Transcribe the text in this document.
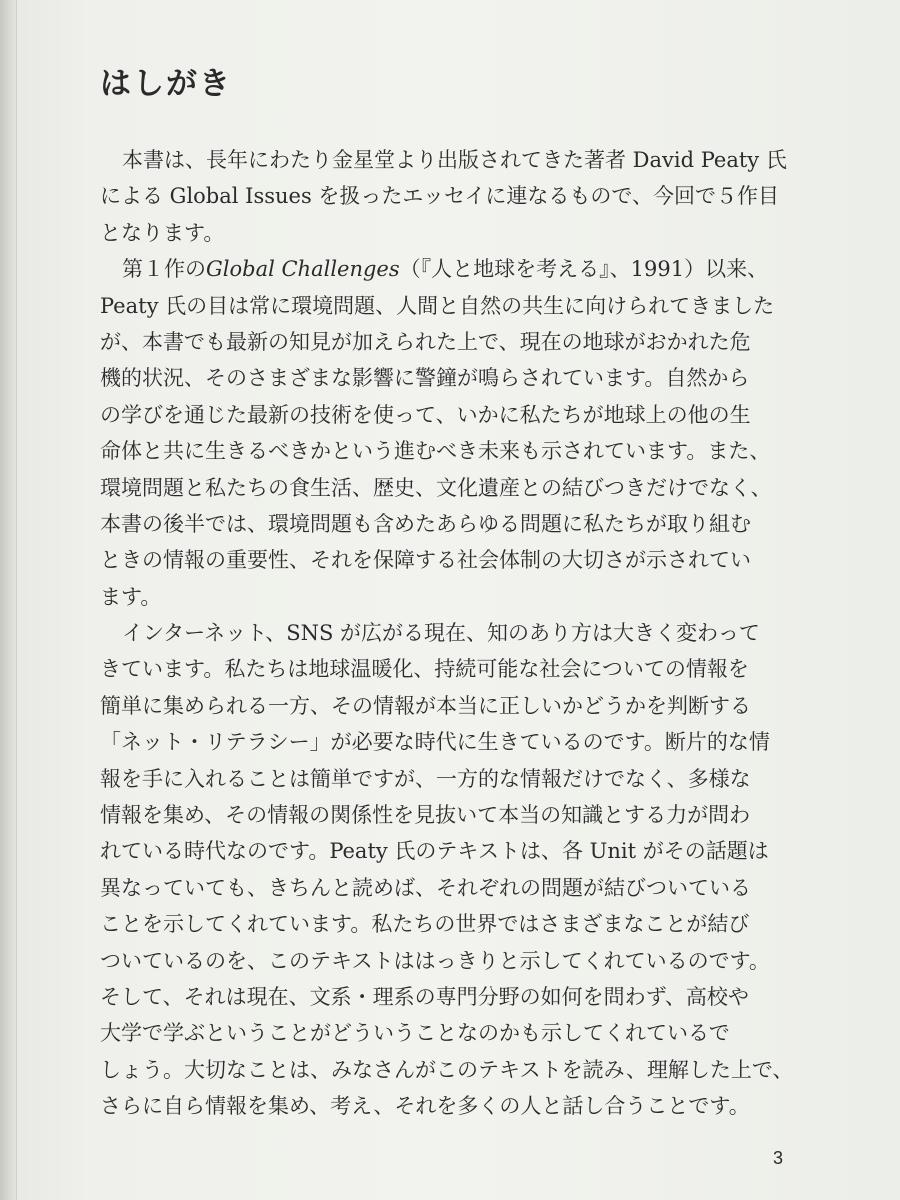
はしがき
本書は、長年にわたり金星堂より出版されてきた著者 David Peaty 氏
による Global Issues を扱ったエッセイに連なるもので、今回で５作目
となります。
第１作のGlobal Challenges（『人と地球を考える』、1991）以来、
Peaty 氏の目は常に環境問題、人間と自然の共生に向けられてきました
が、本書でも最新の知見が加えられた上で、現在の地球がおかれた危
機的状況、そのさまざまな影響に警鐘が鳴らされています。自然から
の学びを通じた最新の技術を使って、いかに私たちが地球上の他の生
命体と共に生きるべきかという進むべき未来も示されています。また、
環境問題と私たちの食生活、歴史、文化遺産との結びつきだけでなく、
本書の後半では、環境問題も含めたあらゆる問題に私たちが取り組む
ときの情報の重要性、それを保障する社会体制の大切さが示されてい
ます。
インターネット、SNS が広がる現在、知のあり方は大きく変わって
きています。私たちは地球温暖化、持続可能な社会についての情報を
簡単に集められる一方、その情報が本当に正しいかどうかを判断する
「ネット・リテラシー」が必要な時代に生きているのです。断片的な情
報を手に入れることは簡単ですが、一方的な情報だけでなく、多様な
情報を集め、その情報の関係性を見抜いて本当の知識とする力が問わ
れている時代なのです。Peaty 氏のテキストは、各 Unit がその話題は
異なっていても、きちんと読めば、それぞれの問題が結びついている
ことを示してくれています。私たちの世界ではさまざまなことが結び
ついているのを、このテキストははっきりと示してくれているのです。
そして、それは現在、文系・理系の専門分野の如何を問わず、高校や
大学で学ぶということがどういうことなのかも示してくれているで
しょう。大切なことは、みなさんがこのテキストを読み、理解した上で、
さらに自ら情報を集め、考え、それを多くの人と話し合うことです。
3
